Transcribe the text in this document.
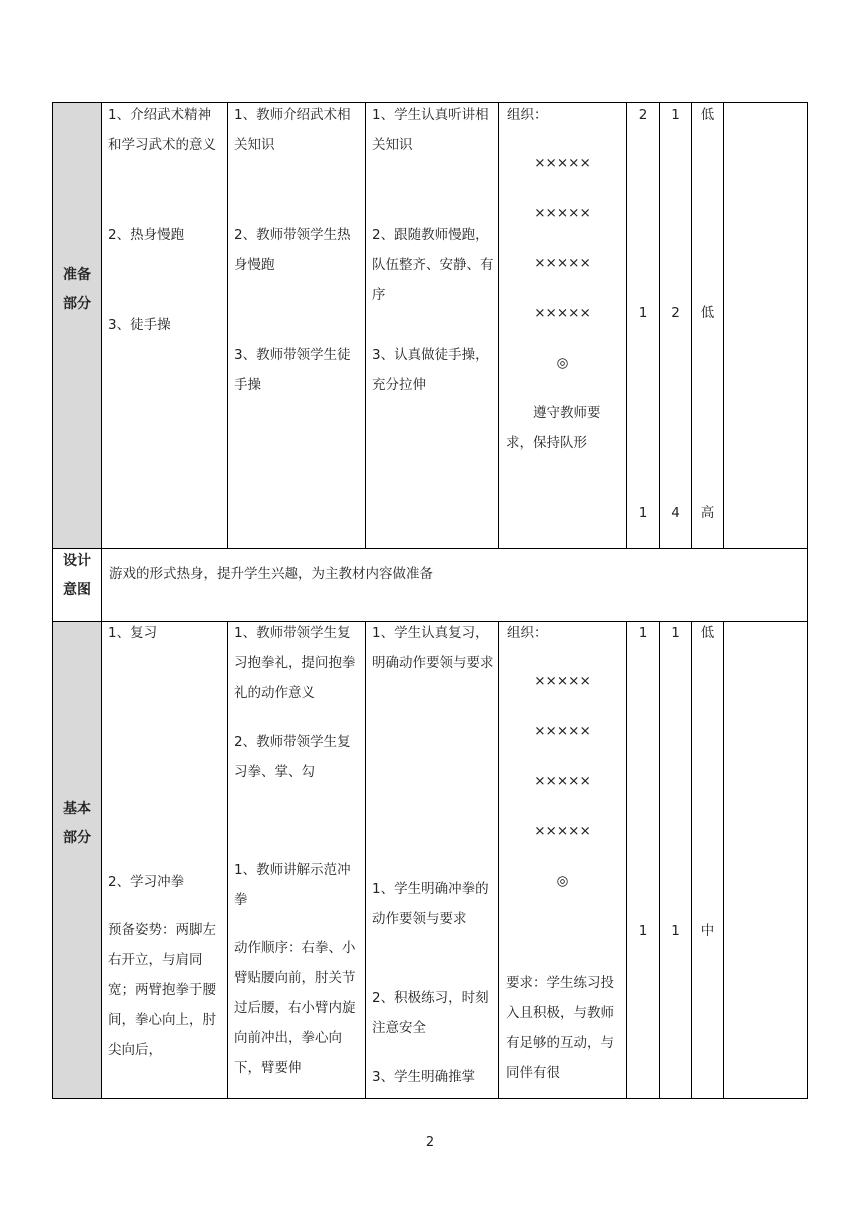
准备
部分
1、介绍武术精神和学习武术的意义

2、热身慢跑

3、徒手操
1、教师介绍武术相关知识

2、教师带领学生热身慢跑

3、教师带领学生徒手操
1、学生认真听讲相关知识

2、跟随教师慢跑，队伍整齐、安静、有序

3、认真做徒手操，充分拉伸
组织：
×××××
×××××
×××××
×××××
◎
　　遵守教师要求，保持队形
2
1
1
1
2
4
低
低
高
设计
意图
游戏的形式热身，提升学生兴趣，为主教材内容做准备
基本
部分
1、复习
2、学习冲拳
预备姿势：两脚左右开立，与肩同宽；两臂抱拳于腰间，拳心向上，肘尖向后，
1、教师带领学生复习抱拳礼，提问抱拳礼的动作意义
2、教师带领学生复习拳、掌、勾
1、教师讲解示范冲拳
动作顺序：右拳、小臂贴腰向前，肘关节过后腰，右小臂内旋向前冲出，拳心向下，臂要伸
1、学生认真复习，明确动作要领与要求
1、学生明确冲拳的动作要领与要求
2、积极练习，时刻注意安全
3、学生明确推掌
组织：
×××××
×××××
×××××
×××××
◎
要求：学生练习投入且积极，与教师有足够的互动，与同伴有很
1
1
1
1
低
中
2
